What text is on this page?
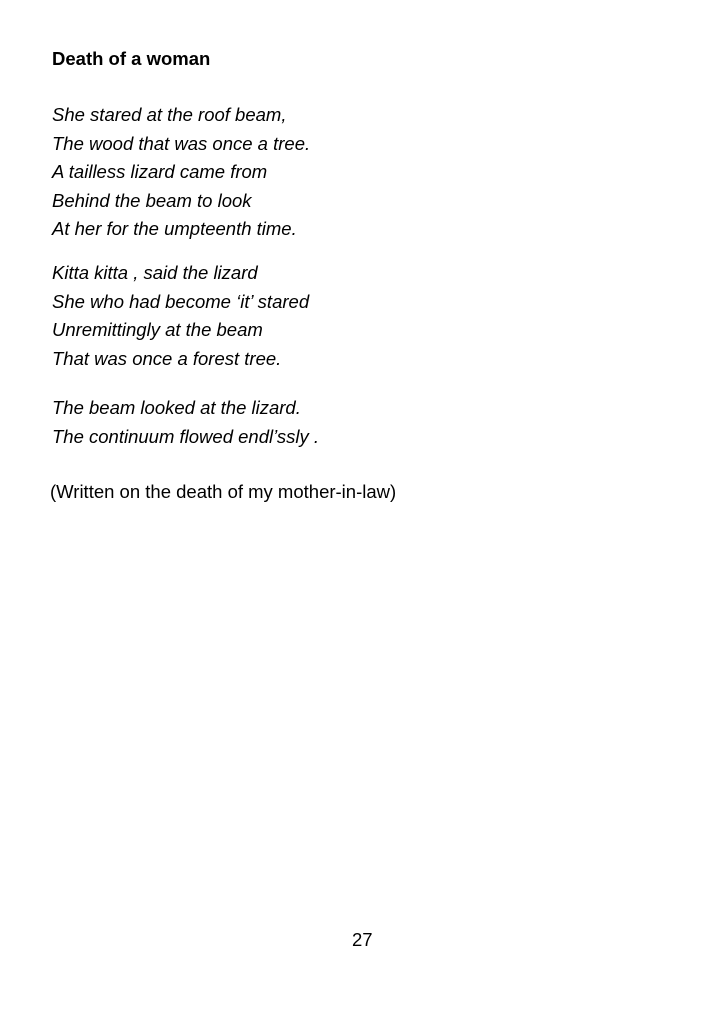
Death of a woman
She stared at the roof beam,
The wood that was once a tree.
A tailless lizard came from
Behind the beam to look
At her for the umpteenth time.
Kitta kitta , said the lizard
She who had become ‘it’ stared
Unremittingly at the beam
That was once a forest tree.
The beam looked at the lizard.
The continuum flowed endl’ssly .

(Written on the death of my mother-in-law)

27
